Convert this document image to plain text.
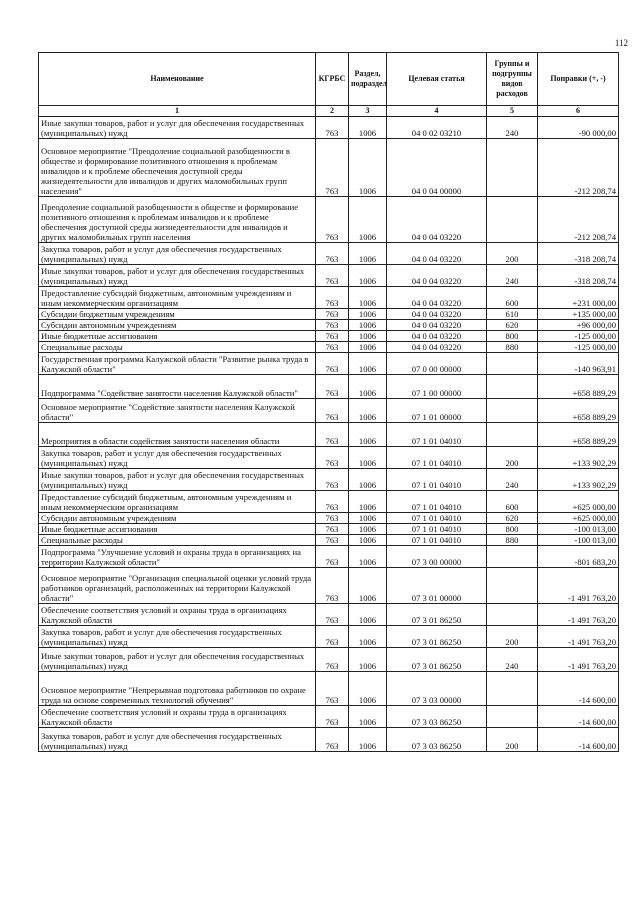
112
Наименование	КГРБС	Раздел, подраздел	Целевая статья	Группы и подгруппы видов расходов	Поправки (+, -)
1	2	3	4	5	6
Иные закупки товаров, работ и услуг для обеспечения государственных (муниципальных) нужд	763	1006	04 0 02 03210	240	-90 000,00
Основное мероприятие "Преодоление социальной разобщенности в обществе и формирование позитивного отношения к проблемам инвалидов и к проблеме обеспечения доступной среды жизнедеятельности для инвалидов и других маломобильных групп населения"	763	1006	04 0 04 00000		-212 208,74
Преодоление социальной разобщенности в обществе и формирование позитивного отношения к проблемам инвалидов и к проблеме обеспечения доступной среды жизнедеятельности для инвалидов и других маломобильных групп населения	763	1006	04 0 04 03220		-212 208,74
Закупка товаров, работ и услуг для обеспечения государственных (муниципальных) нужд	763	1006	04 0 04 03220	200	-318 208,74
Иные закупки товаров, работ и услуг для обеспечения государственных (муниципальных) нужд	763	1006	04 0 04 03220	240	-318 208,74
Предоставление субсидий бюджетным, автономным учреждениям и иным некоммерческим организациям	763	1006	04 0 04 03220	600	+231 000,00
Субсидии бюджетным учреждениям	763	1006	04 0 04 03220	610	+135 000,00
Субсидии автономным учреждениям	763	1006	04 0 04 03220	620	+96 000,00
Иные бюджетные ассигнования	763	1006	04 0 04 03220	800	-125 000,00
Специальные расходы	763	1006	04 0 04 03220	880	-125 000,00
Государственная программа Калужской области "Развитие рынка труда в Калужской области"	763	1006	07 0 00 00000		-140 963,91
Подпрограмма "Содействие занятости населения Калужской области"	763	1006	07 1 00 00000		+658 889,29
Основное мероприятие "Содействие занятости населения Калужской области"	763	1006	07 1 01 00000		+658 889,29
Мероприятия в области содействия занятости населения области	763	1006	07 1 01 04010		+658 889,29
Закупка товаров, работ и услуг для обеспечения государственных (муниципальных) нужд	763	1006	07 1 01 04010	200	+133 902,29
Иные закупки товаров, работ и услуг для обеспечения государственных (муниципальных) нужд	763	1006	07 1 01 04010	240	+133 902,29
Предоставление субсидий бюджетным, автономным учреждениям и иным некоммерческим организациям	763	1006	07 1 01 04010	600	+625 000,00
Субсидии автономным учреждениям	763	1006	07 1 01 04010	620	+625 000,00
Иные бюджетные ассигнования	763	1006	07 1 01 04010	800	-100 013,00
Специальные расходы	763	1006	07 1 01 04010	880	-100 013,00
Подпрограмма "Улучшение условий и охраны труда в организациях на территории Калужской области"	763	1006	07 3 00 00000		-801 683,20
Основное мероприятие "Организация специальной оценки условий труда работников организаций, расположенных на территории Калужской области"	763	1006	07 3 01 00000		-1 491 763,20
Обеспечение соответствия условий и охраны труда в организациях Калужской области	763	1006	07 3 01 86250		-1 491 763,20
Закупка товаров, работ и услуг для обеспечения государственных (муниципальных) нужд	763	1006	07 3 01 86250	200	-1 491 763,20
Иные закупки товаров, работ и услуг для обеспечения государственных (муниципальных) нужд	763	1006	07 3 01 86250	240	-1 491 763,20
Основное мероприятие "Непрерывная подготовка работников по охране труда на основе современных технологий обучения"	763	1006	07 3 03 00000		-14 600,00
Обеспечение соответствия условий и охраны труда в организациях Калужской области	763	1006	07 3 03 86250		-14 600,00
Закупка товаров, работ и услуг для обеспечения государственных (муниципальных) нужд	763	1006	07 3 03 86250	200	-14 600,00
